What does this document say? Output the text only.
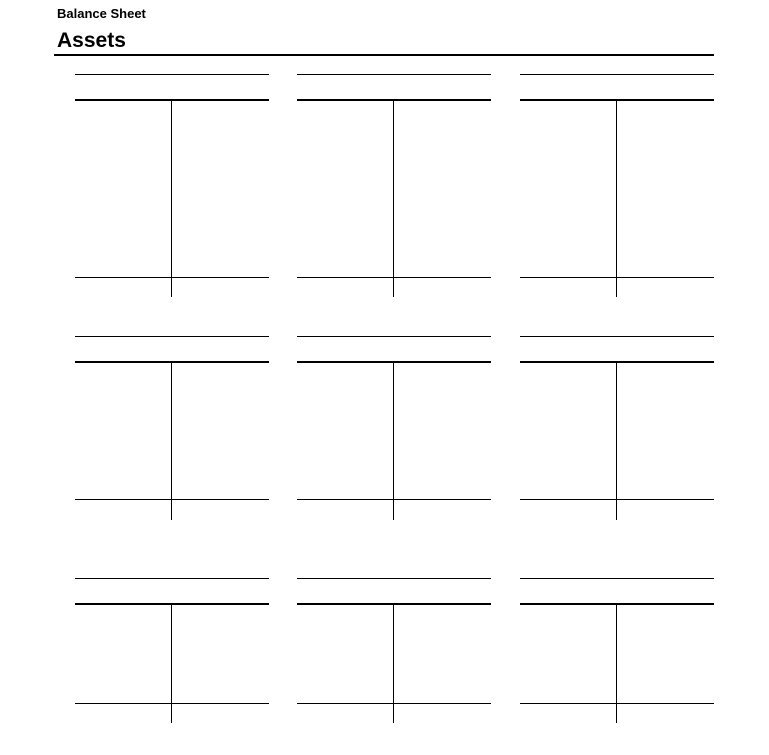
Balance Sheet
Assets
